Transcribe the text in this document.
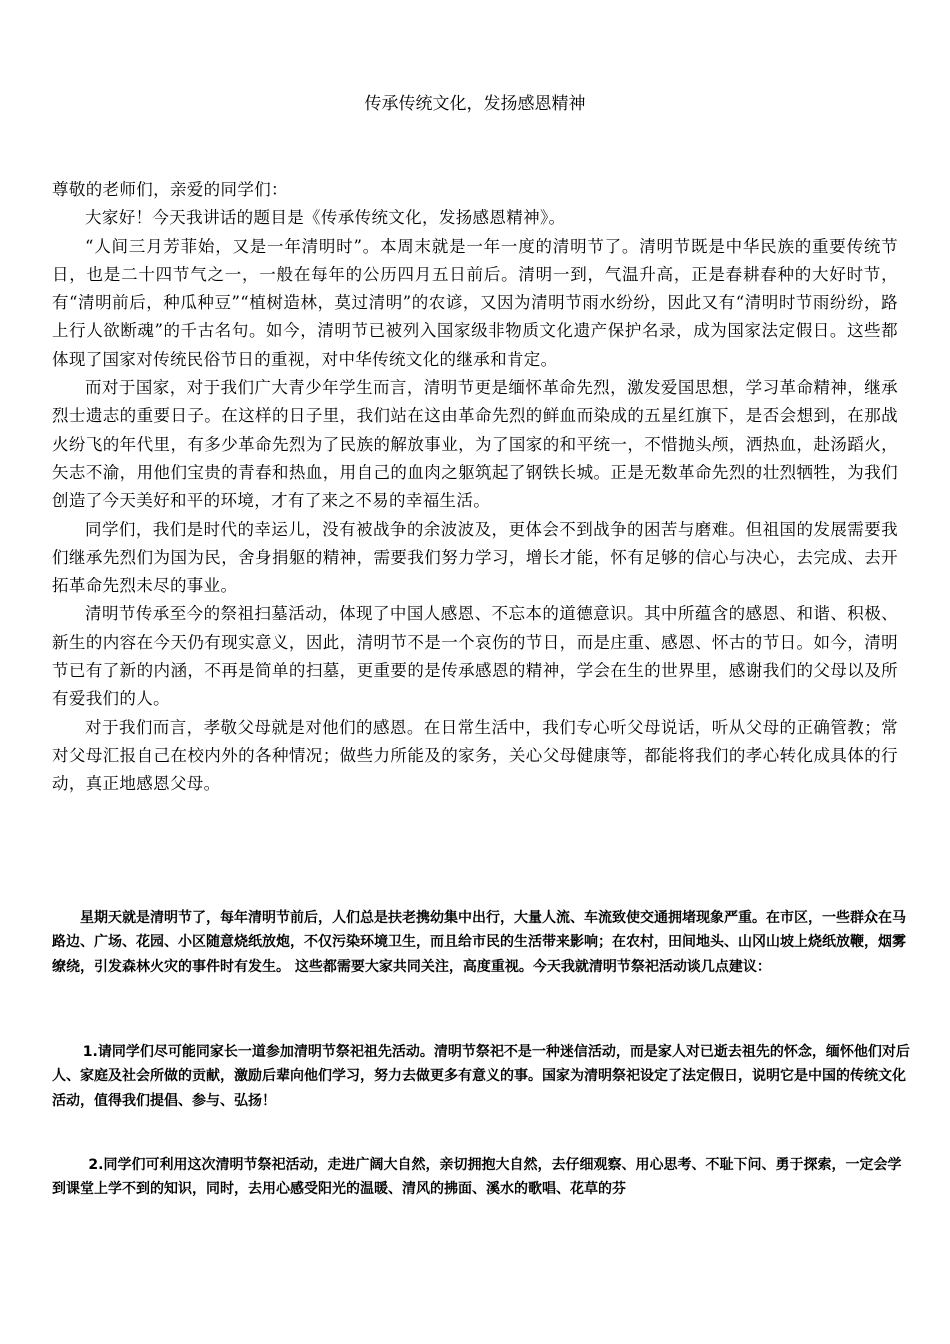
传承传统文化，发扬感恩精神

尊敬的老师们，亲爱的同学们：

大家好！今天我讲话的题目是《传承传统文化，发扬感恩精神》。

“人间三月芳菲始，又是一年清明时”。本周末就是一年一度的清明节了。清明节既是中华民族的重要传统节日，也是二十四节气之一，一般在每年的公历四月五日前后。清明一到，气温升高，正是春耕春种的大好时节，有“清明前后，种瓜种豆”“植树造林，莫过清明”的农谚，又因为清明节雨水纷纷，因此又有“清明时节雨纷纷，路上行人欲断魂”的千古名句。如今，清明节已被列入国家级非物质文化遗产保护名录，成为国家法定假日。这些都体现了国家对传统民俗节日的重视，对中华传统文化的继承和肯定。

而对于国家，对于我们广大青少年学生而言，清明节更是缅怀革命先烈，激发爱国思想，学习革命精神，继承烈士遗志的重要日子。在这样的日子里，我们站在这由革命先烈的鲜血而染成的五星红旗下，是否会想到，在那战火纷飞的年代里，有多少革命先烈为了民族的解放事业，为了国家的和平统一，不惜抛头颅，洒热血，赴汤蹈火，矢志不渝，用他们宝贵的青春和热血，用自己的血肉之躯筑起了钢铁长城。正是无数革命先烈的壮烈牺牲，为我们创造了今天美好和平的环境，才有了来之不易的幸福生活。

同学们，我们是时代的幸运儿，没有被战争的余波波及，更体会不到战争的困苦与磨难。但祖国的发展需要我们继承先烈们为国为民，舍身捐躯的精神，需要我们努力学习，增长才能，怀有足够的信心与决心，去完成、去开拓革命先烈未尽的事业。

清明节传承至今的祭祖扫墓活动，体现了中国人感恩、不忘本的道德意识。其中所蕴含的感恩、和谐、积极、新生的内容在今天仍有现实意义，因此，清明节不是一个哀伤的节日，而是庄重、感恩、怀古的节日。如今，清明节已有了新的内涵，不再是简单的扫墓，更重要的是传承感恩的精神，学会在生的世界里，感谢我们的父母以及所有爱我们的人。

对于我们而言，孝敬父母就是对他们的感恩。在日常生活中，我们专心听父母说话，听从父母的正确管教；常对父母汇报自己在校内外的各种情况；做些力所能及的家务，关心父母健康等，都能将我们的孝心转化成具体的行动，真正地感恩父母。

星期天就是清明节了，每年清明节前后，人们总是扶老携幼集中出行，大量人流、车流致使交通拥堵现象严重。在市区，一些群众在马路边、广场、花园、小区随意烧纸放炮，不仅污染环境卫生，而且给市民的生活带来影响；在农村，田间地头、山冈山坡上烧纸放鞭，烟雾缭绕，引发森林火灾的事件时有发生。 这些都需要大家共同关注，高度重视。今天我就清明节祭祀活动谈几点建议：

1.请同学们尽可能同家长一道参加清明节祭祀祖先活动。清明节祭祀不是一种迷信活动，而是家人对已逝去祖先的怀念，缅怀他们对后人、家庭及社会所做的贡献，激励后辈向他们学习，努力去做更多有意义的事。国家为清明祭祀设定了法定假日，说明它是中国的传统文化活动，值得我们提倡、参与、弘扬！

2.同学们可利用这次清明节祭祀活动，走进广阔大自然，亲切拥抱大自然，去仔细观察、用心思考、不耻下问、勇于探索，一定会学到课堂上学不到的知识，同时，去用心感受阳光的温暖、清风的拂面、溪水的歌唱、花草的芬
